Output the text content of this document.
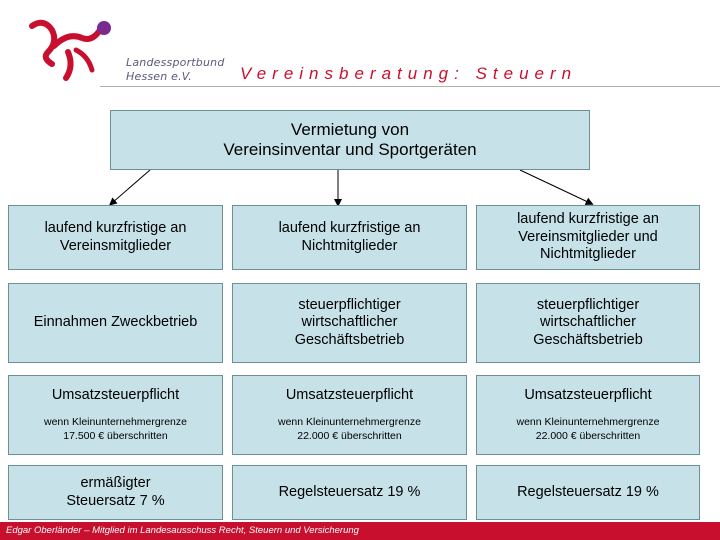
Landessportbund
Hessen e.V.	Vereinsberatung: Steuern
Vermietung von
Vereinsinventar und Sportgeräten
laufend kurzfristige an Vereinsmitglieder
Einnahmen Zweckbetrieb
Umsatzsteuerpflicht
wenn Kleinunternehmergrenze
17.500 € überschritten
ermäßigter Steuersatz 7 %
laufend kurzfristige an Nichtmitglieder
steuerpflichtiger wirtschaftlicher Geschäftsbetrieb
Umsatzsteuerpflicht
wenn Kleinunternehmergrenze
22.000 € überschritten
Regelsteuersatz 19 %
laufend kurzfristige an Vereinsmitglieder und Nichtmitglieder
steuerpflichtiger wirtschaftlicher Geschäftsbetrieb
Umsatzsteuerpflicht
wenn Kleinunternehmergrenze
22.000 € überschritten
Regelsteuersatz 19 %
Edgar Oberländer – Mitglied im Landesausschuss Recht, Steuern und Versicherung
